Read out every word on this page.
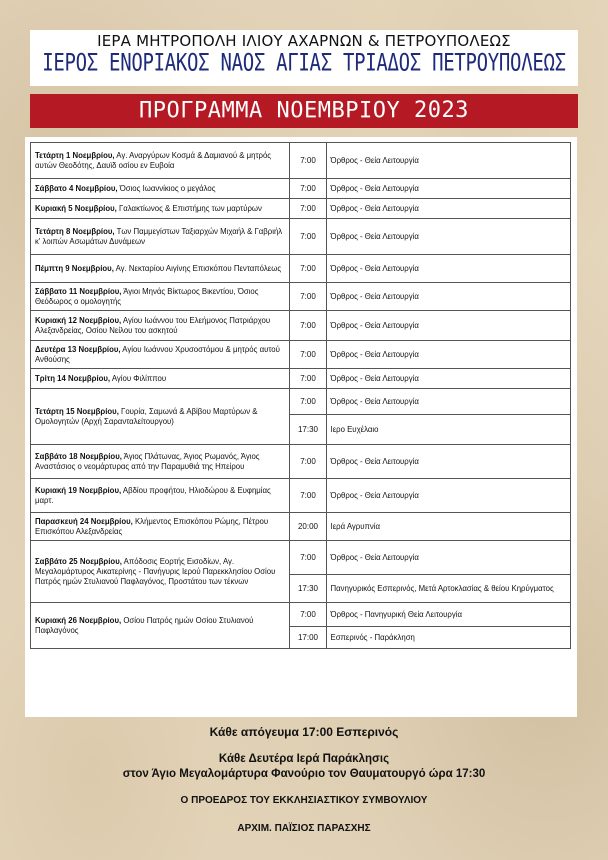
ΙΕΡΑ ΜΗΤΡΟΠΟΛΗ ΙΛΙΟΥ ΑΧΑΡΝΩΝ & ΠΕΤΡΟΥΠΟΛΕΩΣ
ΙΕΡΟΣ ΕΝΟΡΙΑΚΟΣ ΝΑΟΣ ΑΓΙΑΣ ΤΡΙΑΔΟΣ ΠΕΤΡΟΥΠΟΛΕΩΣ
ΠΡΟΓΡΑΜΜΑ ΝΟΕΜΒΡΙΟΥ 2023
Τετάρτη 1 Νοεμβρίου, Αγ. Αναργύρων Κοσμά & Δαμιανού & μητρός αυτών Θεοδότης, Δαυϊδ οσίου εν Ευβοία	7:00	Όρθρος - Θεία Λειτουργία
Σάββατο 4 Νοεμβρίου, Όσιος Ιωαννίκιος ο μεγάλος	7:00	Όρθρος - Θεία Λειτουργία
Κυριακή 5 Νοεμβρίου, Γαλακτίωνος & Επιστήμης των μαρτύρων	7:00	Όρθρος - Θεία Λειτουργία
Τετάρτη 8 Νοεμβρίου, Των Παμμεγίστων Ταξιαρχών Μιχαήλ & Γαβριήλ κ' λοιπών Ασωμάτων Δυνάμεων	7:00	Όρθρος - Θεία Λειτουργία
Πέμπτη 9 Νοεμβρίου, Αγ. Νεκταρίου Αιγίνης Επισκόπου Πενταπόλεως	7:00	Όρθρος - Θεία Λειτουργία
Σάββατο 11 Νοεμβρίου, Άγιοι Μηνάς Βίκτωρος Βικεντίου, Όσιος Θεόδωρος ο ομολογητής	7:00	Όρθρος - Θεία Λειτουργία
Κυριακή 12 Νοεμβρίου, Αγίου Ιωάννου του Ελεήμονος Πατριάρχου Αλεξανδρείας, Οσίου Νείλου του ασκητού	7:00	Όρθρος - Θεία Λειτουργία
Δευτέρα 13 Νοεμβρίου, Αγίου Ιωάννου Χρυσοστόμου & μητρός αυτού Ανθούσης	7:00	Όρθρος - Θεία Λειτουργία
Τρίτη 14 Νοεμβρίου, Αγίου Φιλίππου	7:00	Όρθρος - Θεία Λειτουργία
Τετάρτη 15 Νοεμβρίου, Γουρία, Σαμωνά & Αβίβου Μαρτύρων & Ομολογητών (Αρχή Σαρανταλείτουργου)	7:00	Όρθρος - Θεία Λειτουργία
	17:30	Ιερο Ευχέλαιο
Σαββάτο 18 Νοεμβρίου, Άγιος Πλάτωνας, Άγιος Ρωμανός, Άγιος Αναστάσιος ο νεομάρτυρας από την Παραμυθιά της Ηπείρου	7:00	Όρθρος - Θεία Λειτουργία
Κυριακή 19 Νοεμβρίου, Αβδίου προφήτου, Ηλιοδώρου & Ευφημίας μαρτ.	7:00	Όρθρος - Θεία Λειτουργία
Παρασκευή 24 Νοεμβρίου, Κλήμεντος Επισκόπου Ρώμης, Πέτρου Επισκόπου Αλεξανδρείας	20:00	Ιερά Αγρυπνία
Σαββάτο 25 Νοεμβρίου, Απόδοσις Εορτής Εισοδίων, Αγ. Μεγαλομάρτυρος Αικατερίνης - Πανήγυρις Ιερού Παρεκκλησίου Οσίου Πατρός ημών Στυλιανού Παφλαγόνος, Προστάτου των τέκνων	7:00	Όρθρος - Θεία Λειτουργία
	17:30	Πανηγυρικός Εσπερινός, Μετά Αρτοκλασίας & θείου Κηρύγματος
Κυριακή 26 Νοεμβρίου, Οσίου Πατρός ημών Οσίου Στυλιανού Παφλαγόνος	7:00	Όρθρος - Πανηγυρική Θεία Λειτουργία
	17:00	Εσπερινός - Παράκληση
Κάθε απόγευμα 17:00 Εσπερινός
Κάθε Δευτέρα Ιερά Παράκλησις
στον Άγιο Μεγαλομάρτυρα Φανούριο τον Θαυματουργό ώρα 17:30
Ο ΠΡΟΕΔΡΟΣ ΤΟΥ ΕΚΚΛΗΣΙΑΣΤΙΚΟΥ ΣΥΜΒΟΥΛΙΟΥ
ΑΡΧΙΜ. ΠΑΪΣΙΟΣ ΠΑΡΑΣΧΗΣ
